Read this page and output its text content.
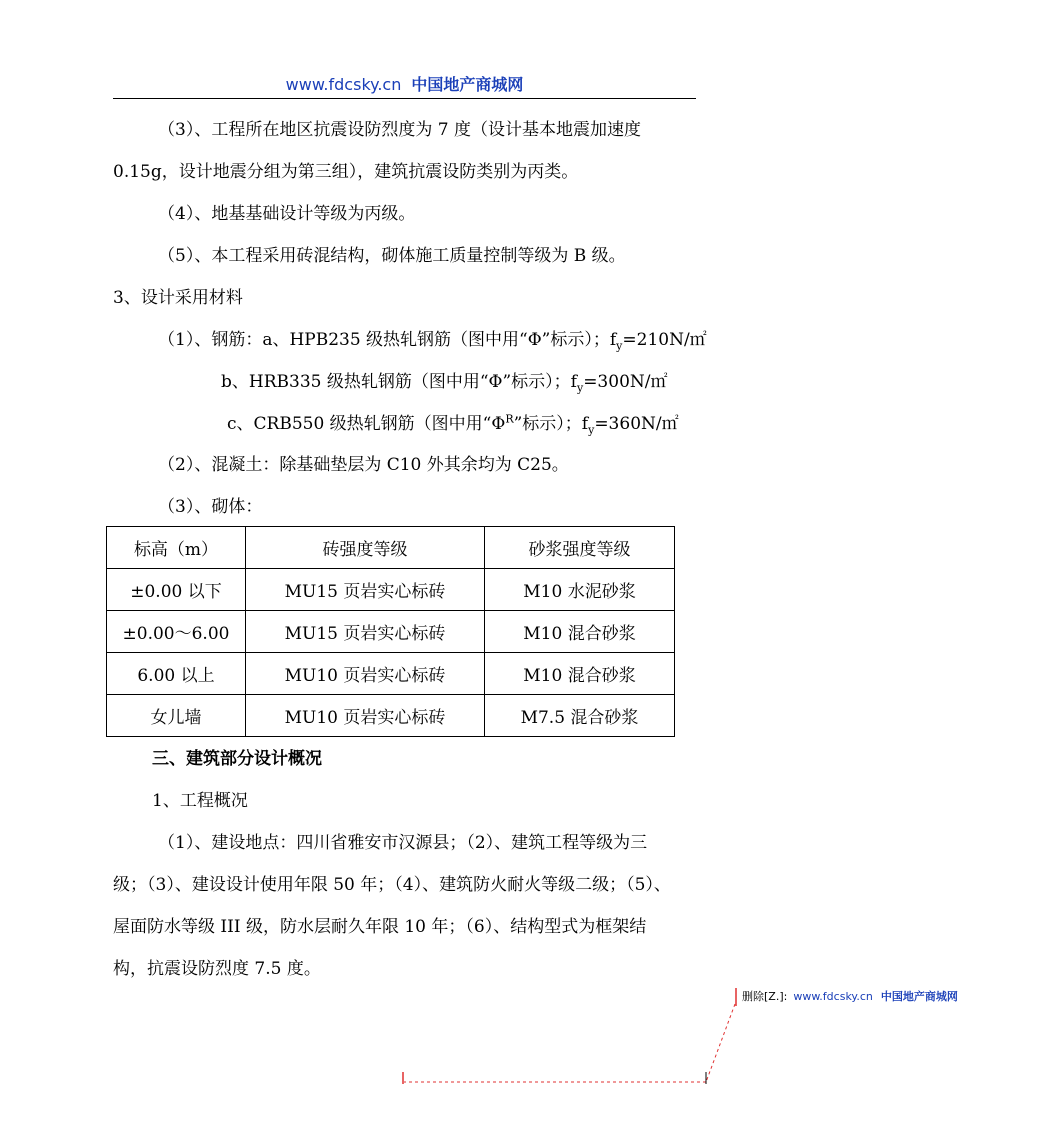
www.fdcsky.cn 中国地产商城网
（3）、工程所在地区抗震设防烈度为 7 度（设计基本地震加速度
0.15g，设计地震分组为第三组），建筑抗震设防类别为丙类。
（4）、地基基础设计等级为丙级。
（5）、本工程采用砖混结构，砌体施工质量控制等级为 B 级。
3、设计采用材料
（1）、钢筋：a、HPB235 级热轧钢筋（图中用“Φ”标示）；$f_y=210N/㎡$
b、HRB335 级热轧钢筋（图中用“Φ”标示）；$f_y=300N/㎡$
c、CRB550 级热轧钢筋（图中用“$\Phi^R$”标示）；$f_y=360N/㎡$
（2）、混凝土：除基础垫层为 C10 外其余均为 C25。
（3）、砌体：
标高（m）	砖强度等级	砂浆强度等级
±0.00 以下	MU15 页岩实心标砖	M10 水泥砂浆
±0.00～6.00	MU15 页岩实心标砖	M10 混合砂浆
6.00 以上	MU10 页岩实心标砖	M10 混合砂浆
女儿墙	MU10 页岩实心标砖	M7.5 混合砂浆
三、建筑部分设计概况
1、工程概况
（1）、建设地点：四川省雅安市汉源县；（2）、建筑工程等级为三
级；（3）、建设设计使用年限 50 年；（4）、建筑防火耐火等级二级；（5）、
屋面防水等级 III 级，防水层耐久年限 10 年；（6）、结构型式为框架结
构，抗震设防烈度 7.5 度。
删除[Z.]: www.fdcsky.cn 中国地产商城网
